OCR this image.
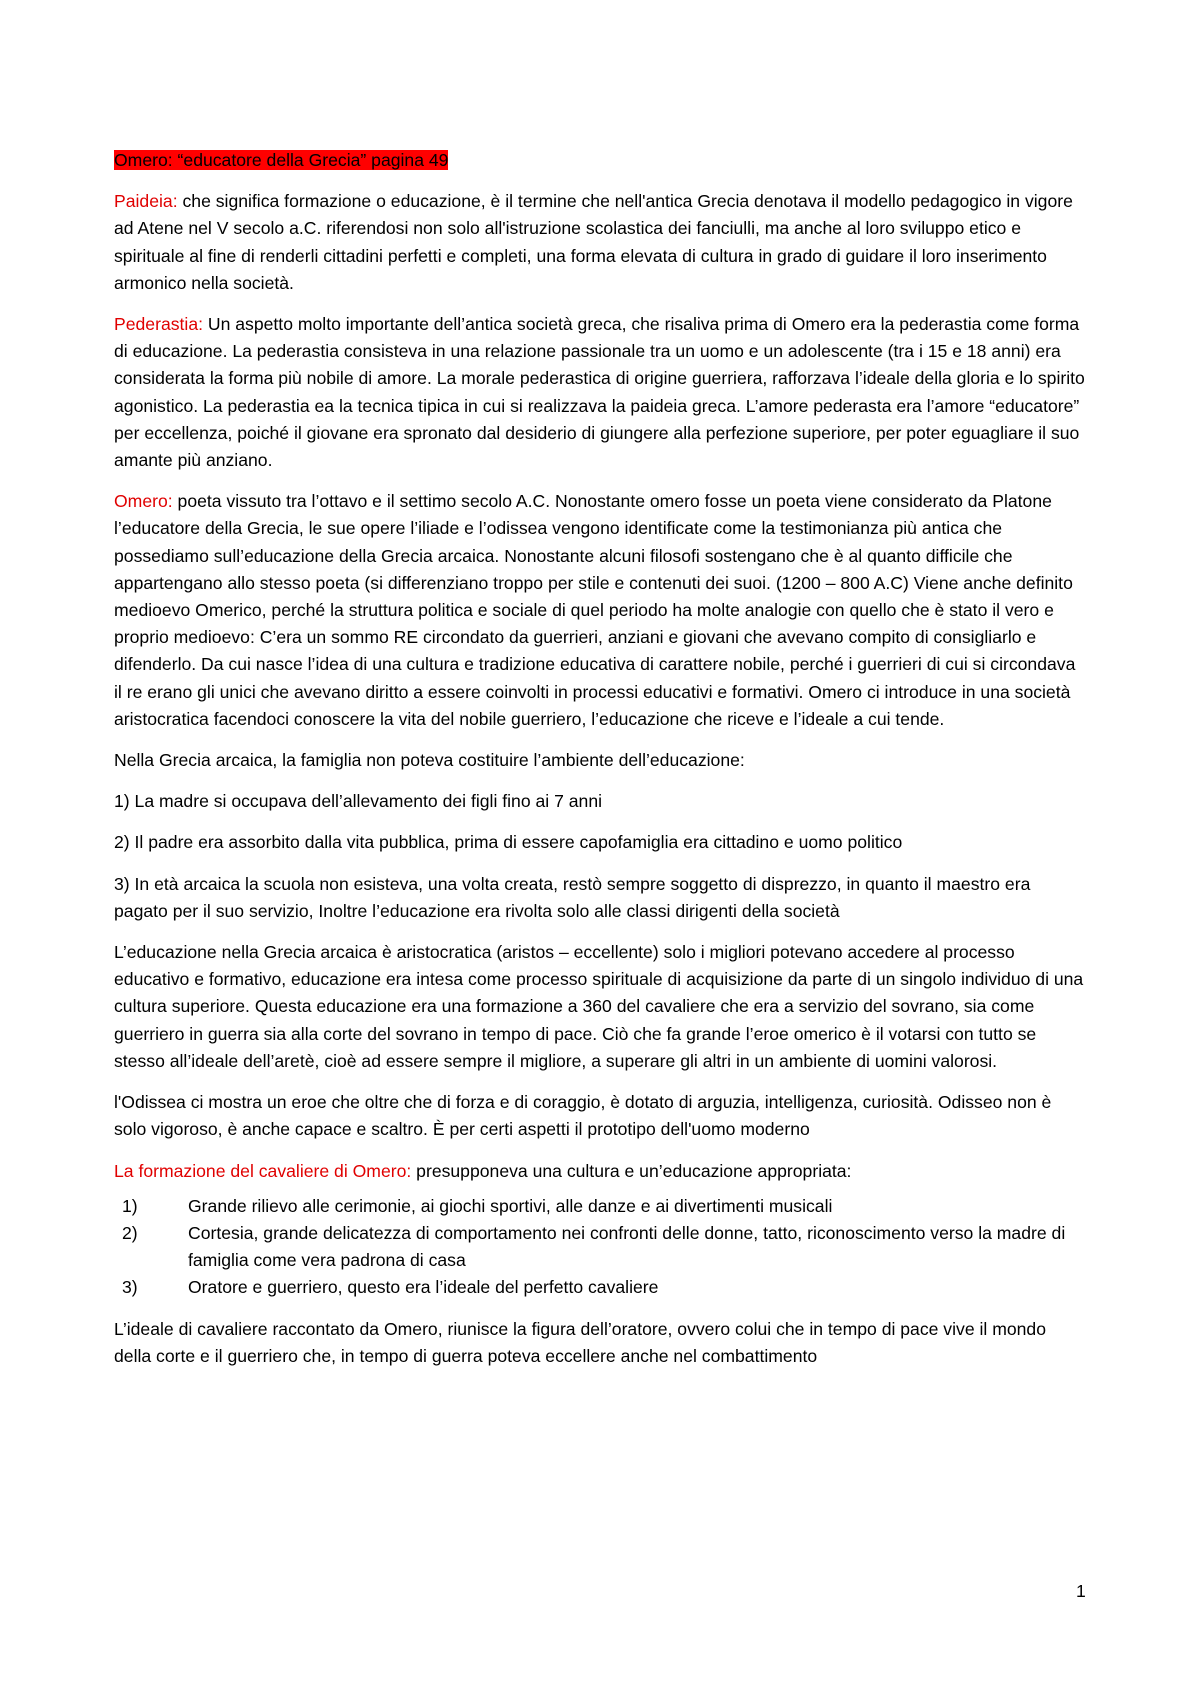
Omero: “educatore della Grecia” pagina 49

Paideia: che significa formazione o educazione, è il termine che nell'antica Grecia denotava il modello pedagogico in vigore ad Atene nel V secolo a.C. riferendosi non solo all'istruzione scolastica dei fanciulli, ma anche al loro sviluppo etico e spirituale al fine di renderli cittadini perfetti e completi, una forma elevata di cultura in grado di guidare il loro inserimento armonico nella società.

Pederastia: Un aspetto molto importante dell’antica società greca, che risaliva prima di Omero era la pederastia come forma di educazione. La pederastia consisteva in una relazione passionale tra un uomo e un adolescente (tra i 15 e 18 anni) era considerata la forma più nobile di amore. La morale pederastica di origine guerriera, rafforzava l’ideale della gloria e lo spirito agonistico. La pederastia ea la tecnica tipica in cui si realizzava la paideia greca. L’amore pederasta era l’amore “educatore” per eccellenza, poiché il giovane era spronato dal desiderio di giungere alla perfezione superiore, per poter eguagliare il suo amante più anziano.

Omero: poeta vissuto tra l’ottavo e il settimo secolo A.C. Nonostante omero fosse un poeta viene considerato da Platone l’educatore della Grecia, le sue opere l’iliade e l’odissea vengono identificate come la testimonianza più antica che possediamo sull’educazione della Grecia arcaica. Nonostante alcuni filosofi sostengano che è al quanto difficile che appartengano allo stesso poeta (si differenziano troppo per stile e contenuti dei suoi. (1200 – 800 A.C) Viene anche definito medioevo Omerico, perché la struttura politica e sociale di quel periodo ha molte analogie con quello che è stato il vero e proprio medioevo: C’era un sommo RE circondato da guerrieri, anziani e giovani che avevano compito di consigliarlo e difenderlo. Da cui nasce l’idea di una cultura e tradizione educativa di carattere nobile, perché i guerrieri di cui si circondava il re erano gli unici che avevano diritto a essere coinvolti in processi educativi e formativi. Omero ci introduce in una società aristocratica facendoci conoscere la vita del nobile guerriero, l’educazione che riceve e l’ideale a cui tende.

Nella Grecia arcaica, la famiglia non poteva costituire l’ambiente dell’educazione:

1) La madre si occupava dell’allevamento dei figli fino ai 7 anni

2) Il padre era assorbito dalla vita pubblica, prima di essere capofamiglia era cittadino e uomo politico

3) In età arcaica la scuola non esisteva, una volta creata, restò sempre soggetto di disprezzo, in quanto il maestro era pagato per il suo servizio, Inoltre l’educazione era rivolta solo alle classi dirigenti della società

L’educazione nella Grecia arcaica è aristocratica (aristos – eccellente) solo i migliori potevano accedere al processo educativo e formativo, educazione era intesa come processo spirituale di acquisizione da parte di un singolo individuo di una cultura superiore. Questa educazione era una formazione a 360 del cavaliere che era a servizio del sovrano, sia come guerriero in guerra sia alla corte del sovrano in tempo di pace. Ciò che fa grande l’eroe omerico è il votarsi con tutto se stesso all’ideale dell’aretè, cioè ad essere sempre il migliore, a superare gli altri in un ambiente di uomini valorosi.

l'Odissea ci mostra un eroe che oltre che di forza e di coraggio, è dotato di arguzia, intelligenza, curiosità. Odisseo non è solo vigoroso, è anche capace e scaltro. È per certi aspetti il prototipo dell'uomo moderno

La formazione del cavaliere di Omero: presupponeva una cultura e un’educazione appropriata:

1)	Grande rilievo alle cerimonie, ai giochi sportivi, alle danze e ai divertimenti musicali
2)	Cortesia, grande delicatezza di comportamento nei confronti delle donne, tatto, riconoscimento verso la madre di famiglia come vera padrona di casa
3)	Oratore e guerriero, questo era l’ideale del perfetto cavaliere

L’ideale di cavaliere raccontato da Omero, riunisce la figura dell’oratore, ovvero colui che in tempo di pace vive il mondo della corte e il guerriero che, in tempo di guerra poteva eccellere anche nel combattimento

1
